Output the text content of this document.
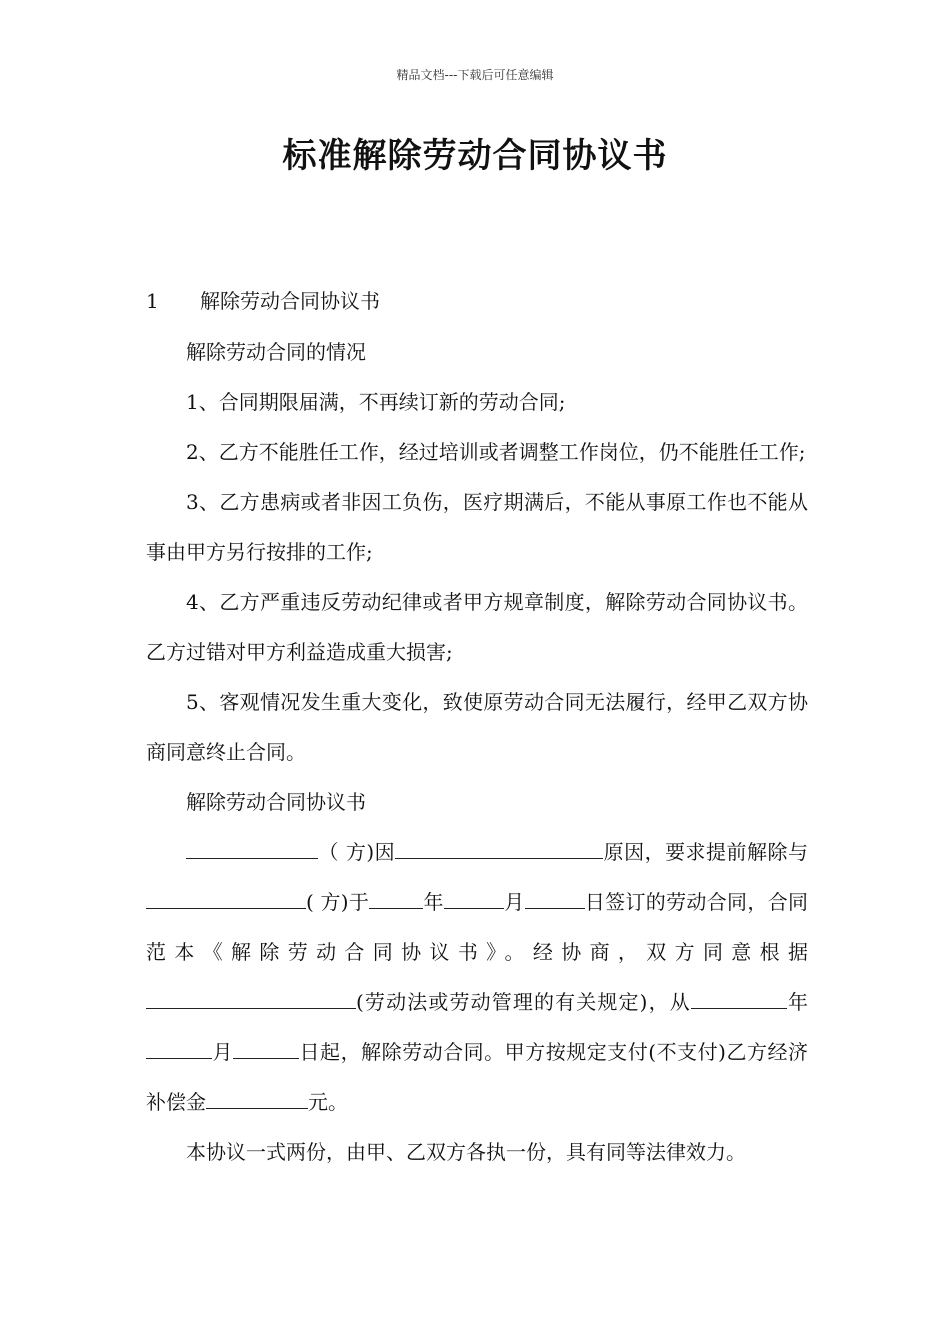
精品文档---下载后可任意编辑
标准解除劳动合同协议书
1 解除劳动合同协议书

解除劳动合同的情况

1、合同期限届满，不再续订新的劳动合同;

2、乙方不能胜任工作，经过培训或者调整工作岗位，仍不能胜任工作;

3、乙方患病或者非因工负伤，医疗期满后，不能从事原工作也不能从事由甲方另行按排的工作;

4、乙方严重违反劳动纪律或者甲方规章制度，解除劳动合同协议书。乙方过错对甲方利益造成重大损害;

5、客观情况发生重大变化，致使原劳动合同无法履行，经甲乙双方协商同意终止合同。

解除劳动合同协议书

（ 方)因	原因，要求提前解除与( 方)于	年	月	日签订的劳动合同，合同范本《解除劳动合同协议书》。经协商，双方同意根据(劳动法或劳动管理的有关规定)，从	年月	日起，解除劳动合同。甲方按规定支付(不支付)乙方经济补偿金	元。

本协议一式两份，由甲、乙双方各执一份，具有同等法律效力。
